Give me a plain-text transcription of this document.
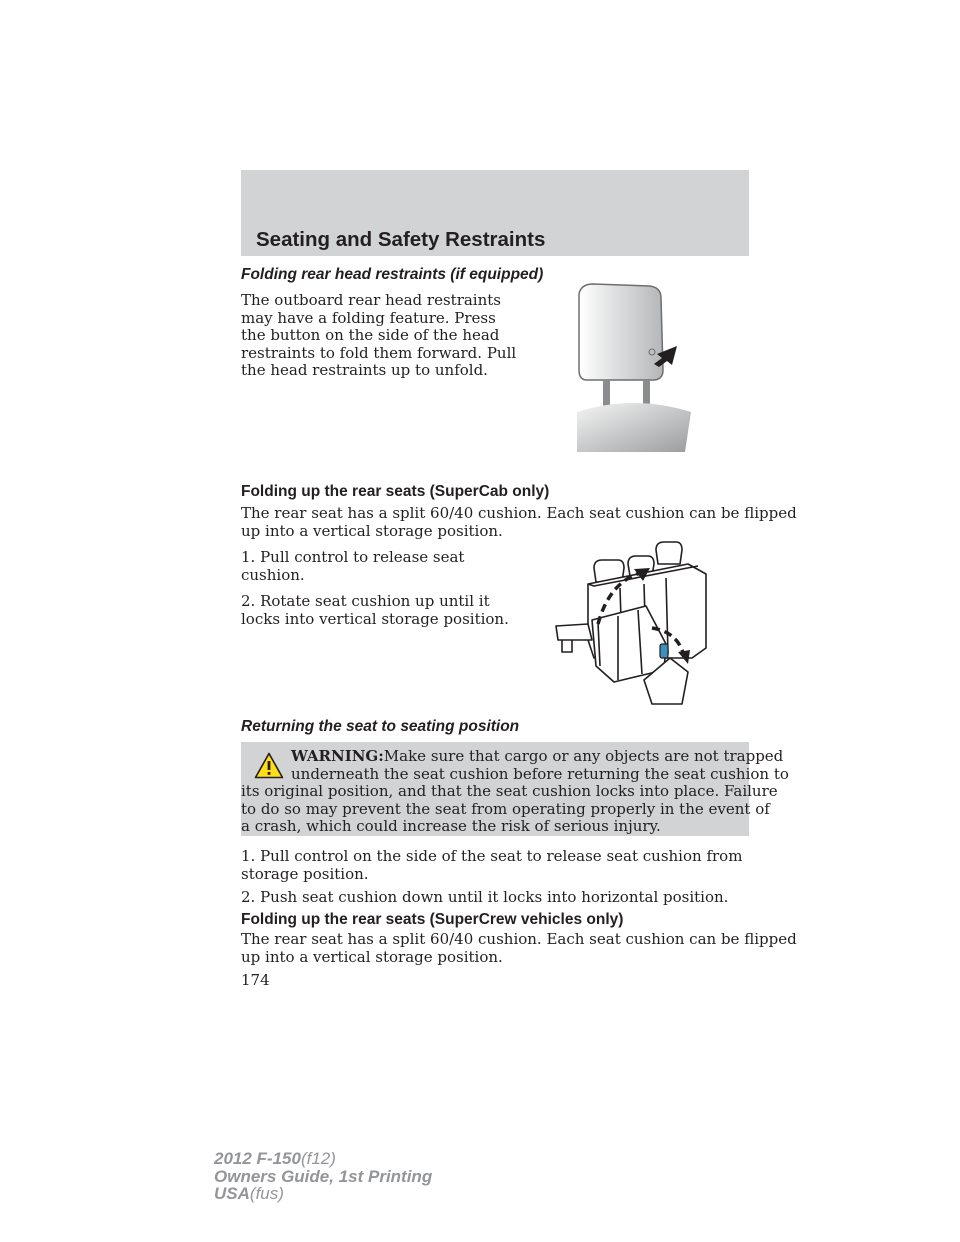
Seating and Safety Restraints
Folding rear head restraints (if equipped)
The outboard rear head restraints
may have a folding feature. Press
the button on the side of the head
restraints to fold them forward. Pull
the head restraints up to unfold.
Folding up the rear seats (SuperCab only)
The rear seat has a split 60/40 cushion. Each seat cushion can be flipped
up into a vertical storage position.
1. Pull control to release seat
cushion.
2. Rotate seat cushion up until it
locks into vertical storage position.
Returning the seat to seating position
WARNING:Make sure that cargo or any objects are not trapped
underneath the seat cushion before returning the seat cushion to
its original position, and that the seat cushion locks into place. Failure
to do so may prevent the seat from operating properly in the event of
a crash, which could increase the risk of serious injury.
1. Pull control on the side of the seat to release seat cushion from
storage position.
2. Push seat cushion down until it locks into horizontal position.
Folding up the rear seats (SuperCrew vehicles only)
The rear seat has a split 60/40 cushion. Each seat cushion can be flipped
up into a vertical storage position.
174
2012 F-150(f12)
Owners Guide, 1st Printing
USA(fus)
